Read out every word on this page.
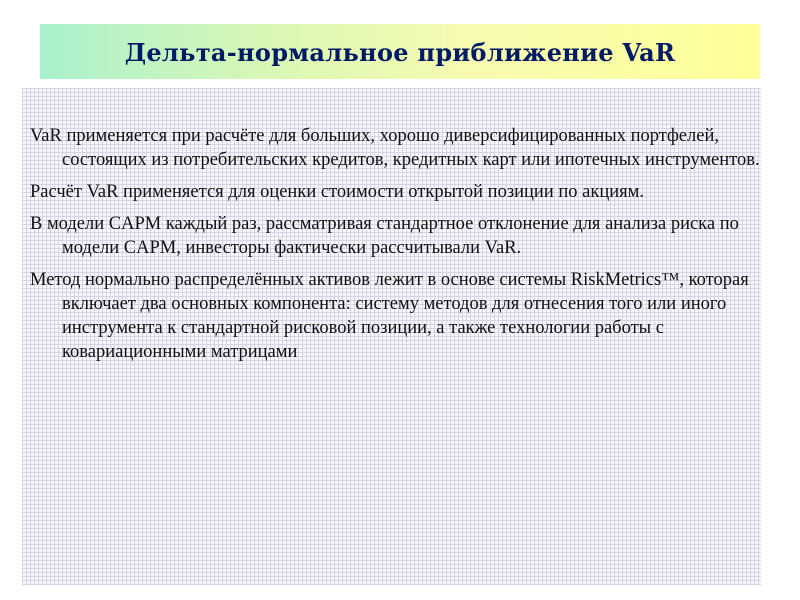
Дельта-нормальное приближение VaR
VaR применяется при расчёте для больших, хорошо диверсифицированных портфелей, состоящих из потребительских кредитов, кредитных карт или ипотечных инструментов.
Расчёт VaR применяется для оценки стоимости открытой позиции по акциям.
В модели CAPM каждый раз, рассматривая стандартное отклонение для анализа риска по модели CAPM, инвесторы фактически рассчитывали VaR.
Метод нормально распределённых активов лежит в основе системы RiskMetrics™, которая включает два основных компонента: систему методов для отнесения того или иного инструмента к стандартной рисковой позиции, а также технологии работы с ковариационными матрицами
